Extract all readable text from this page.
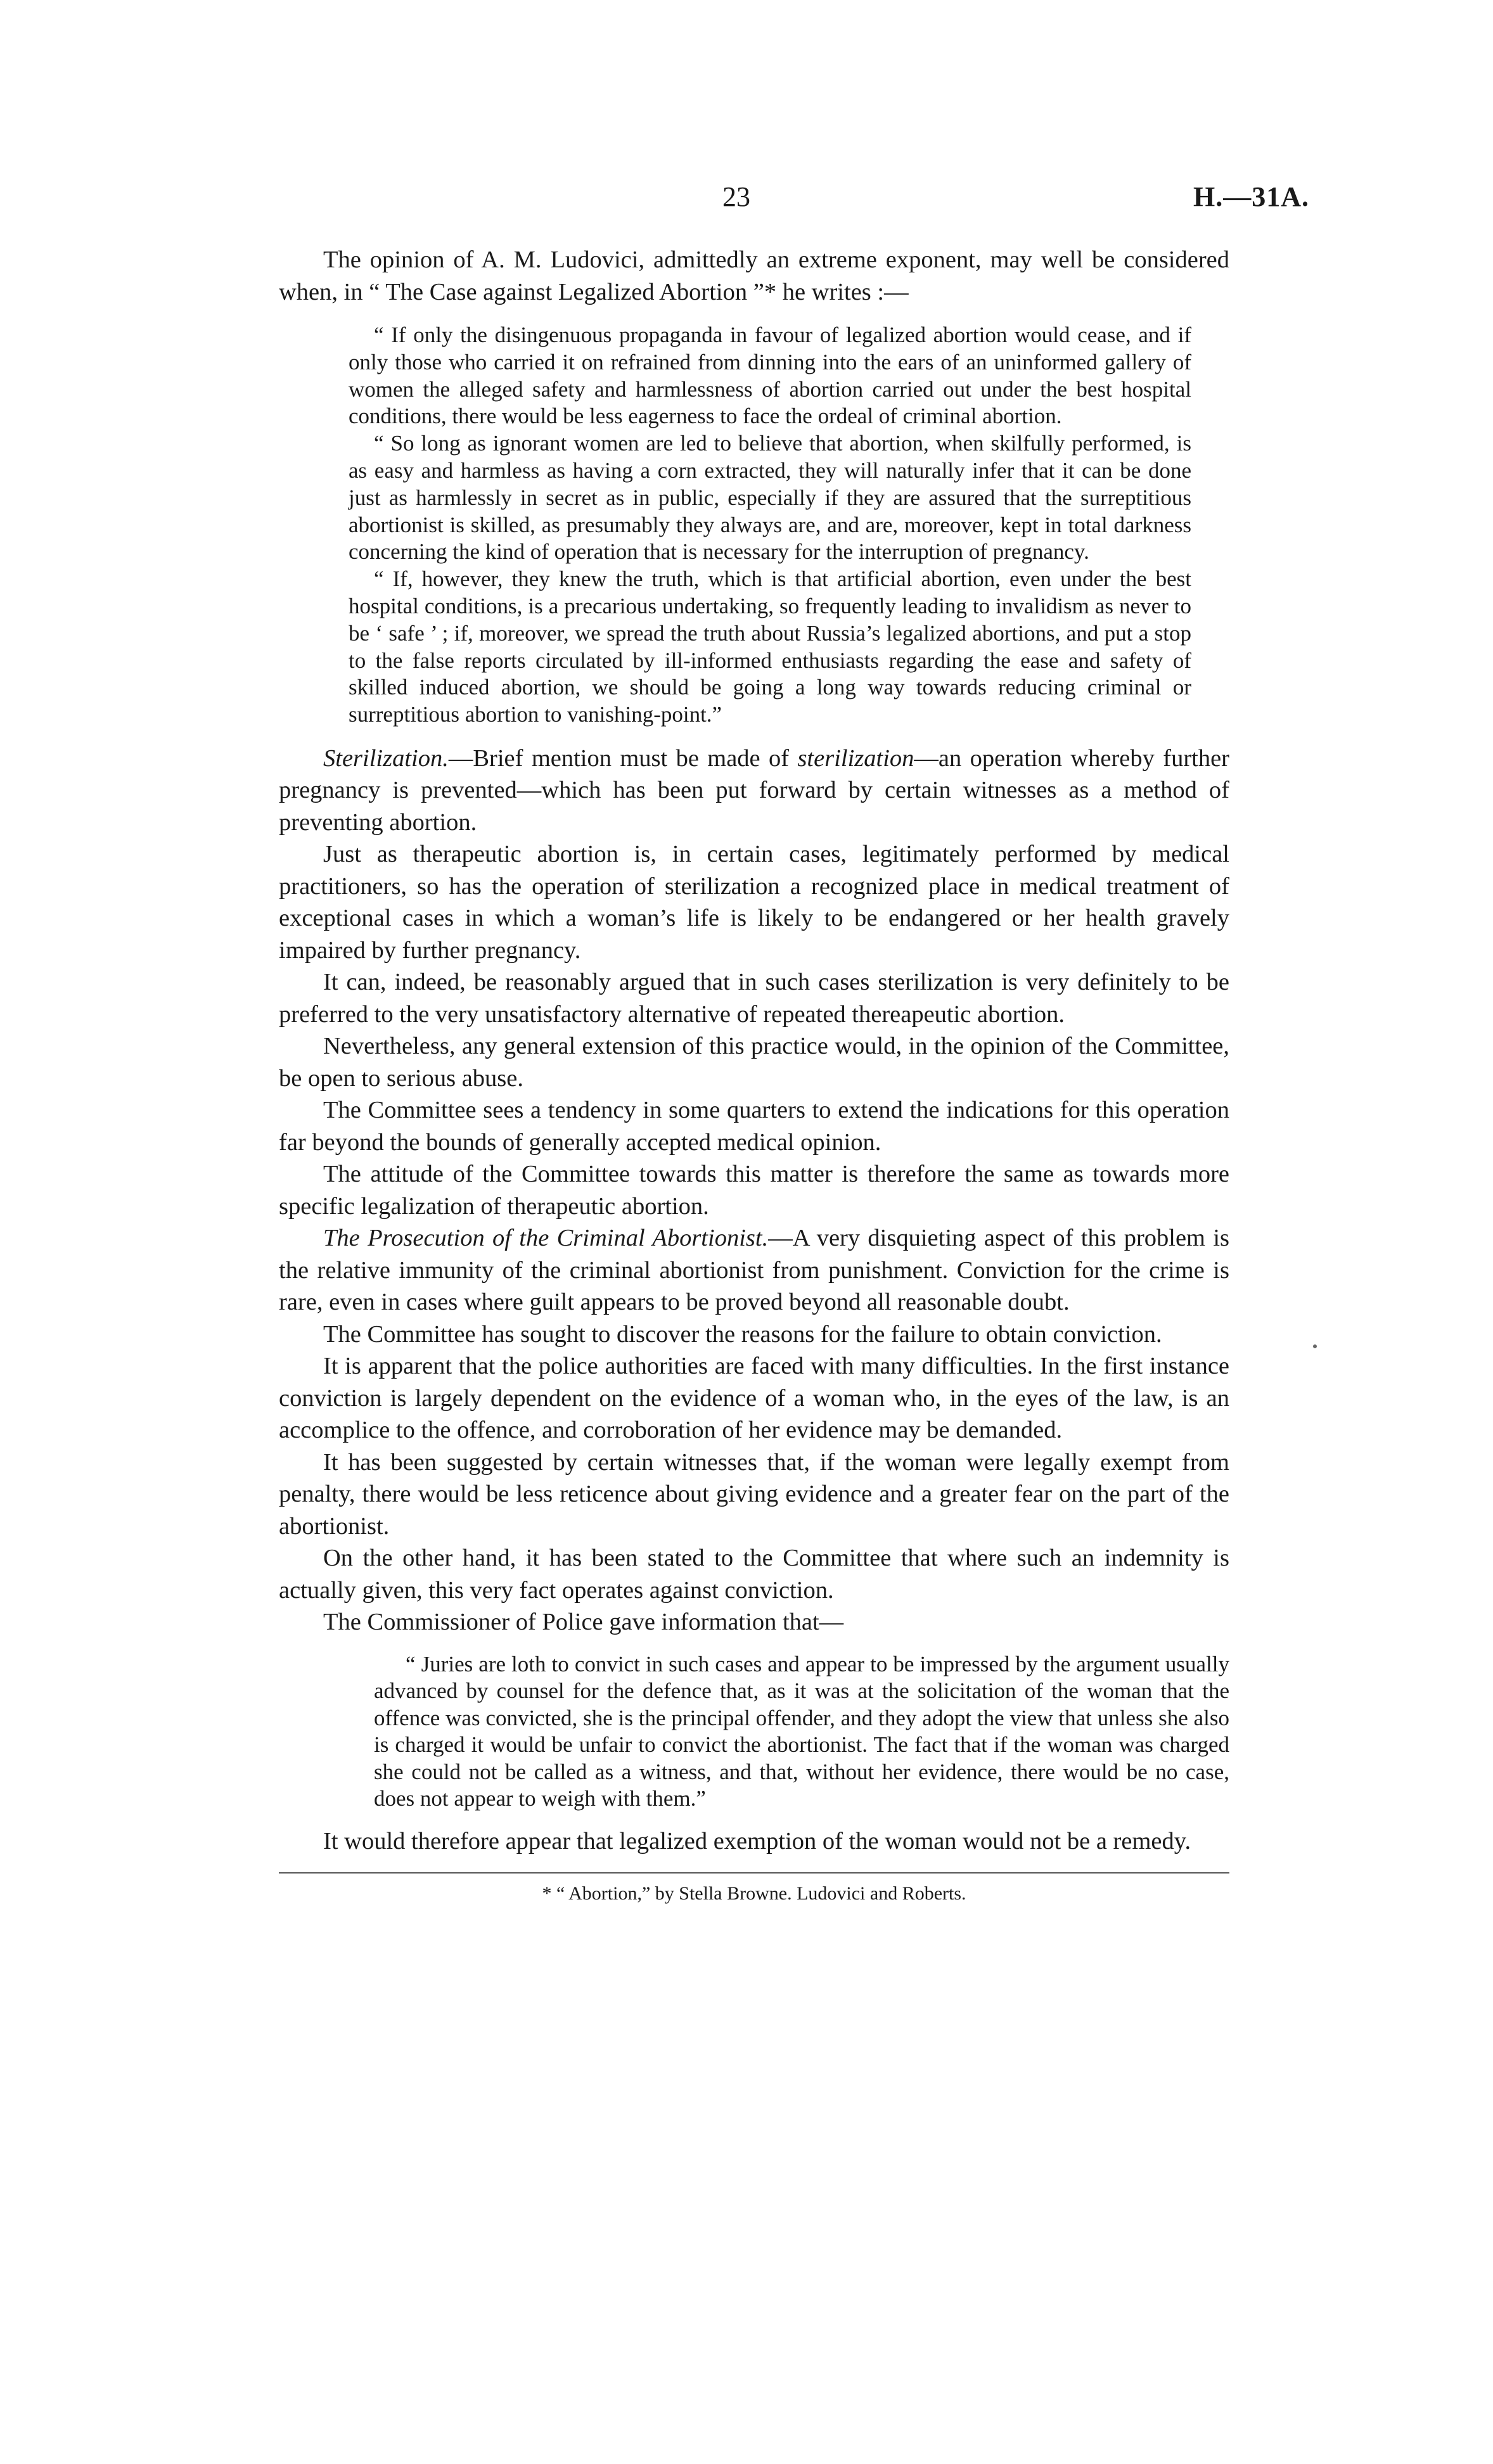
23	H.—31A.

The opinion of A. M. Ludovici, admittedly an extreme exponent, may well be considered when, in “ The Case against Legalized Abortion ”* he writes :—

“ If only the disingenuous propaganda in favour of legalized abortion would cease, and if only those who carried it on refrained from dinning into the ears of an uninformed gallery of women the alleged safety and harmlessness of abortion carried out under the best hospital conditions, there would be less eagerness to face the ordeal of criminal abortion.

“ So long as ignorant women are led to believe that abortion, when skilfully performed, is as easy and harmless as having a corn extracted, they will naturally infer that it can be done just as harmlessly in secret as in public, especially if they are assured that the surreptitious abortionist is skilled, as presumably they always are, and are, moreover, kept in total darkness concerning the kind of operation that is necessary for the interruption of pregnancy.

“ If, however, they knew the truth, which is that artificial abortion, even under the best hospital conditions, is a precarious undertaking, so frequently leading to invalidism as never to be ‘ safe ’ ; if, moreover, we spread the truth about Russia’s legalized abortions, and put a stop to the false reports circulated by ill-informed enthusiasts regarding the ease and safety of skilled induced abortion, we should be going a long way towards reducing criminal or surreptitious abortion to vanishing-point.”

Sterilization.—Brief mention must be made of sterilization—an operation whereby further pregnancy is prevented—which has been put forward by certain witnesses as a method of preventing abortion.

Just as therapeutic abortion is, in certain cases, legitimately performed by medical practitioners, so has the operation of sterilization a recognized place in medical treatment of exceptional cases in which a woman’s life is likely to be endangered or her health gravely impaired by further pregnancy.

It can, indeed, be reasonably argued that in such cases sterilization is very definitely to be preferred to the very unsatisfactory alternative of repeated thereapeutic abortion.

Nevertheless, any general extension of this practice would, in the opinion of the Committee, be open to serious abuse.

The Committee sees a tendency in some quarters to extend the indications for this operation far beyond the bounds of generally accepted medical opinion.

The attitude of the Committee towards this matter is therefore the same as towards more specific legalization of therapeutic abortion.

The Prosecution of the Criminal Abortionist.—A very disquieting aspect of this problem is the relative immunity of the criminal abortionist from punishment. Conviction for the crime is rare, even in cases where guilt appears to be proved beyond all reasonable doubt.

The Committee has sought to discover the reasons for the failure to obtain conviction.

It is apparent that the police authorities are faced with many difficulties. In the first instance conviction is largely dependent on the evidence of a woman who, in the eyes of the law, is an accomplice to the offence, and corroboration of her evidence may be demanded.

It has been suggested by certain witnesses that, if the woman were legally exempt from penalty, there would be less reticence about giving evidence and a greater fear on the part of the abortionist.

On the other hand, it has been stated to the Committee that where such an indemnity is actually given, this very fact operates against conviction.

The Commissioner of Police gave information that—

“ Juries are loth to convict in such cases and appear to be impressed by the argument usually advanced by counsel for the defence that, as it was at the solicitation of the woman that the offence was convicted, she is the principal offender, and they adopt the view that unless she also is charged it would be unfair to convict the abortionist. The fact that if the woman was charged she could not be called as a witness, and that, without her evidence, there would be no case, does not appear to weigh with them.”

It would therefore appear that legalized exemption of the woman would not be a remedy.

* “ Abortion,” by Stella Browne. Ludovici and Roberts.
